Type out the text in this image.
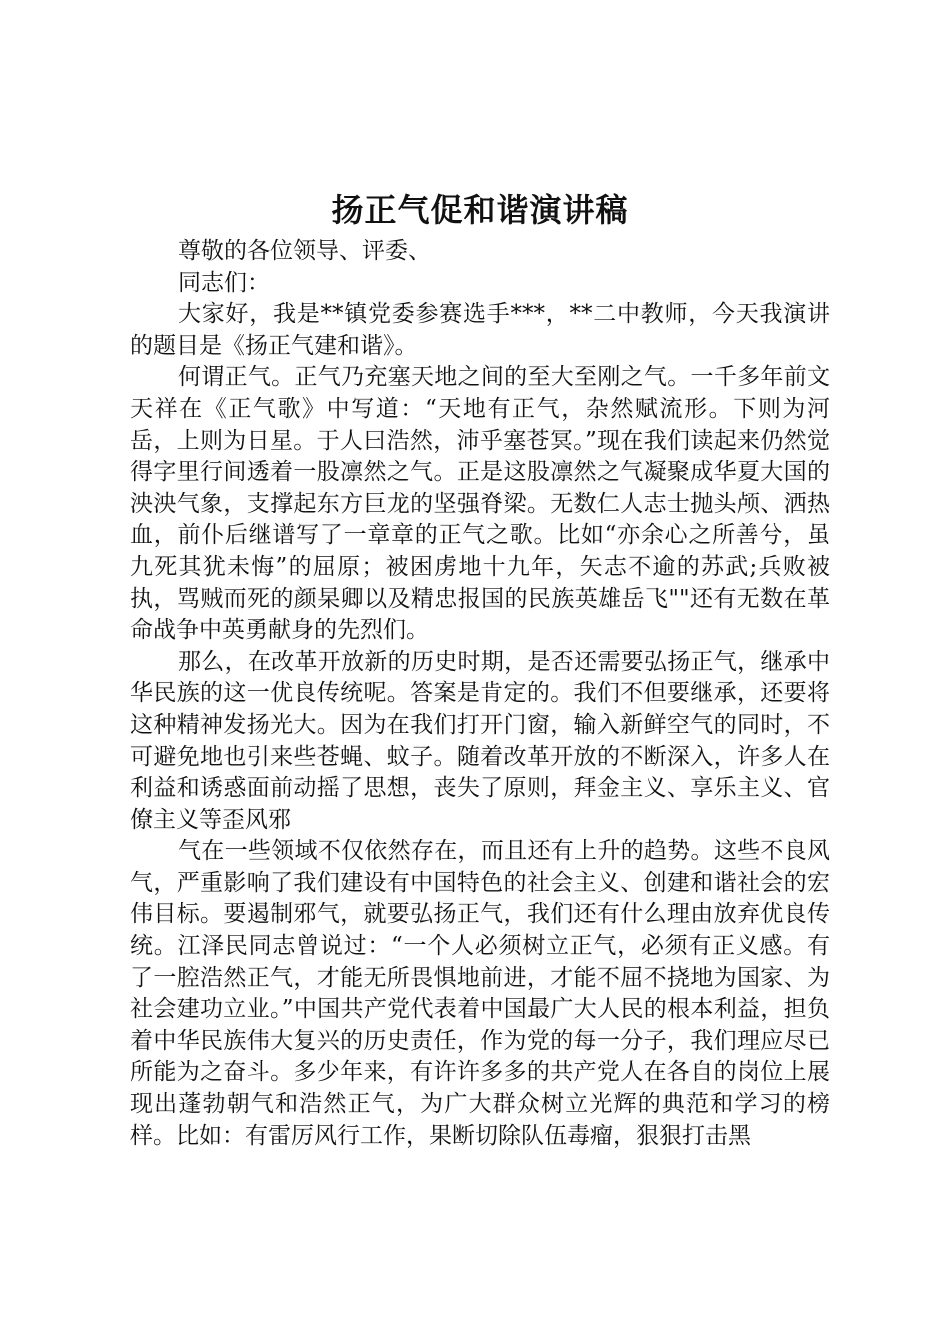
扬正气促和谐演讲稿

尊敬的各位领导、评委、

同志们：

大家好，我是**镇党委参赛选手***，**二中教师，今天我演讲的题目是《扬正气建和谐》。

何谓正气。正气乃充塞天地之间的至大至刚之气。一千多年前文天祥在《正气歌》中写道：“天地有正气，杂然赋流形。下则为河岳，上则为日星。于人曰浩然，沛乎塞苍冥。”现在我们读起来仍然觉得字里行间透着一股凛然之气。正是这股凛然之气凝聚成华夏大国的泱泱气象，支撑起东方巨龙的坚强脊梁。无数仁人志士抛头颅、洒热血，前仆后继谱写了一章章的正气之歌。比如“亦余心之所善兮，虽九死其犹未悔”的屈原；被困虏地十九年，矢志不逾的苏武;兵败被执，骂贼而死的颜杲卿以及精忠报国的民族英雄岳飞""还有无数在革命战争中英勇献身的先烈们。

那么，在改革开放新的历史时期，是否还需要弘扬正气，继承中华民族的这一优良传统呢。答案是肯定的。我们不但要继承，还要将这种精神发扬光大。因为在我们打开门窗，输入新鲜空气的同时，不可避免地也引来些苍蝇、蚊子。随着改革开放的不断深入，许多人在利益和诱惑面前动摇了思想，丧失了原则，拜金主义、享乐主义、官僚主义等歪风邪

气在一些领域不仅依然存在，而且还有上升的趋势。这些不良风气，严重影响了我们建设有中国特色的社会主义、创建和谐社会的宏伟目标。要遏制邪气，就要弘扬正气，我们还有什么理由放弃优良传统。江泽民同志曾说过：“一个人必须树立正气，必须有正义感。有了一腔浩然正气，才能无所畏惧地前进，才能不屈不挠地为国家、为社会建功立业。”中国共产党代表着中国最广大人民的根本利益，担负着中华民族伟大复兴的历史责任，作为党的每一分子，我们理应尽已所能为之奋斗。多少年来，有许许多多的共产党人在各自的岗位上展现出蓬勃朝气和浩然正气，为广大群众树立光辉的典范和学习的榜样。比如：有雷厉风行工作，果断切除队伍毒瘤，狠狠打击黑
